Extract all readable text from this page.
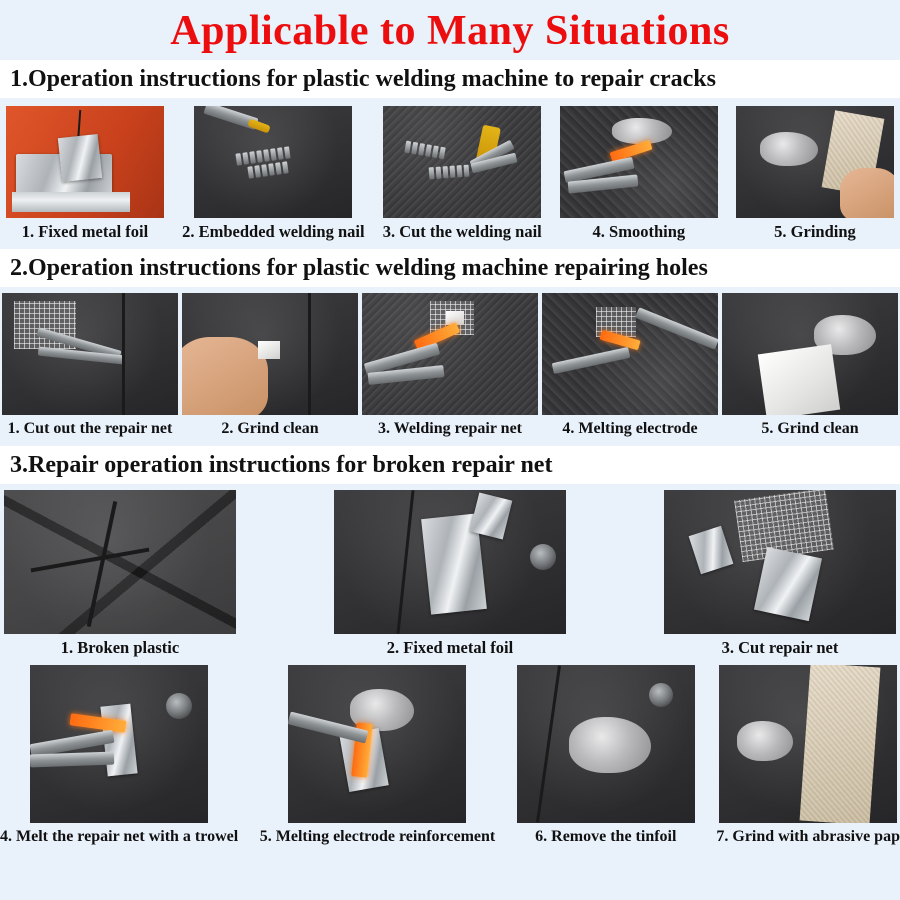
Applicable to Many Situations
1.Operation instructions for plastic welding machine to repair cracks
1. Fixed metal foil 2. Embedded welding nail 3. Cut the welding nail	4. Smoothing	5. Grinding
2.Operation instructions for plastic welding machine repairing holes
1. Cut out the repair net	2. Grind clean	3. Welding repair net	4. Melting electrode	5. Grind clean
3.Repair operation instructions for broken repair net
1. Broken plastic	2. Fixed metal foil	3. Cut repair net
4. Melt the repair net with a trowel 5. Melting electrode reinforcement 6. Remove the tinfoil 7. Grind with abrasive pap
